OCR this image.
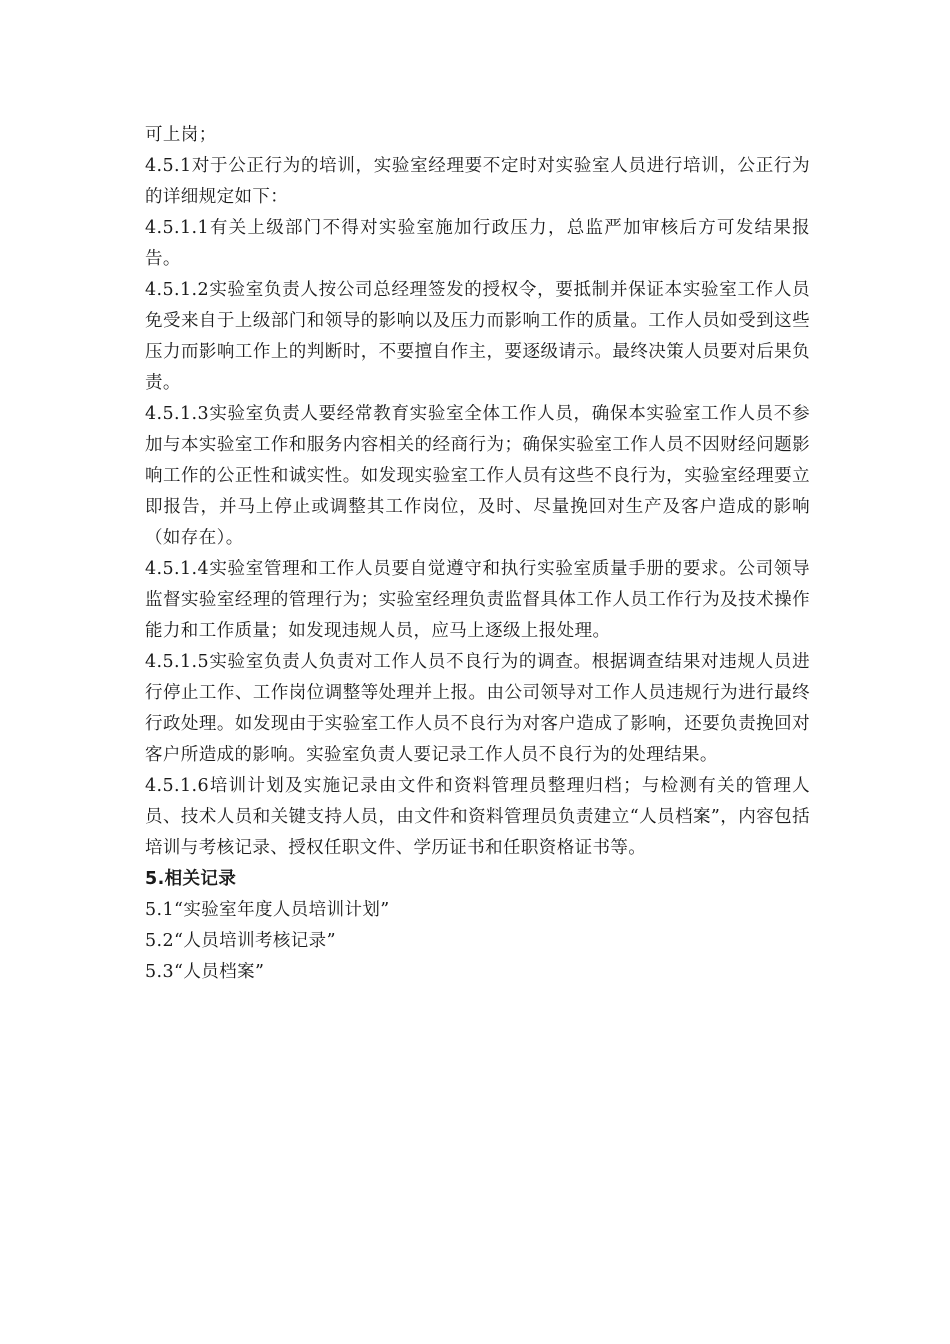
可上岗；

4.5.1对于公正行为的培训，实验室经理要不定时对实验室人员进行培训，公正行为的详细规定如下：

4.5.1.1有关上级部门不得对实验室施加行政压力，总监严加审核后方可发结果报告。

4.5.1.2实验室负责人按公司总经理签发的授权令，要抵制并保证本实验室工作人员免受来自于上级部门和领导的影响以及压力而影响工作的质量。工作人员如受到这些压力而影响工作上的判断时，不要擅自作主，要逐级请示。最终决策人员要对后果负责。

4.5.1.3实验室负责人要经常教育实验室全体工作人员，确保本实验室工作人员不参加与本实验室工作和服务内容相关的经商行为；确保实验室工作人员不因财经问题影响工作的公正性和诚实性。如发现实验室工作人员有这些不良行为，实验室经理要立即报告，并马上停止或调整其工作岗位，及时、尽量挽回对生产及客户造成的影响（如存在）。

4.5.1.4实验室管理和工作人员要自觉遵守和执行实验室质量手册的要求。公司领导监督实验室经理的管理行为；实验室经理负责监督具体工作人员工作行为及技术操作能力和工作质量；如发现违规人员，应马上逐级上报处理。

4.5.1.5实验室负责人负责对工作人员不良行为的调查。根据调查结果对违规人员进行停止工作、工作岗位调整等处理并上报。由公司领导对工作人员违规行为进行最终行政处理。如发现由于实验室工作人员不良行为对客户造成了影响，还要负责挽回对客户所造成的影响。实验室负责人要记录工作人员不良行为的处理结果。

4.5.1.6培训计划及实施记录由文件和资料管理员整理归档；与检测有关的管理人员、技术人员和关键支持人员，由文件和资料管理员负责建立“人员档案”，内容包括培训与考核记录、授权任职文件、学历证书和任职资格证书等。

5.相关记录

5.1“实验室年度人员培训计划”

5.2“人员培训考核记录”

5.3“人员档案”
